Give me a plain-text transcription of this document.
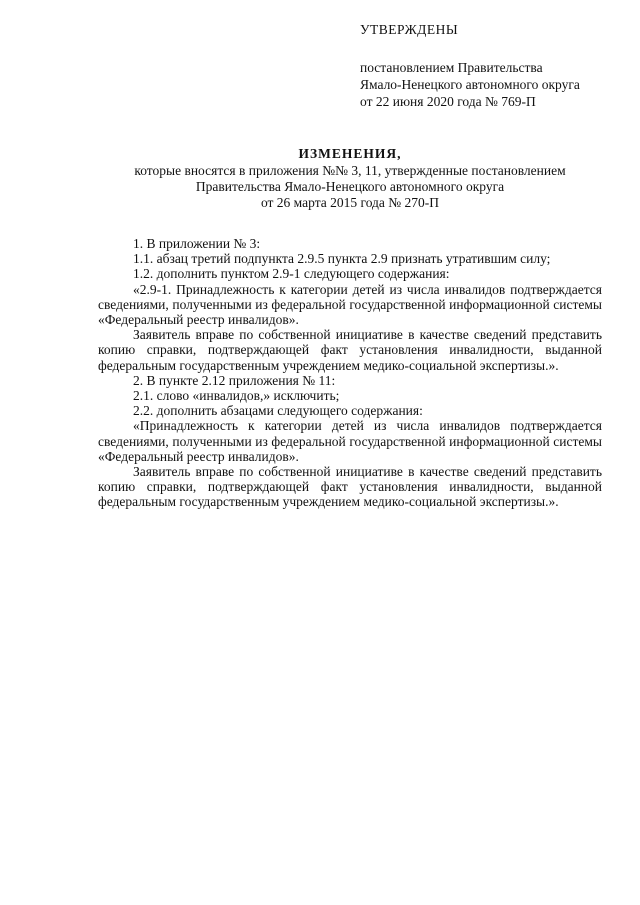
УТВЕРЖДЕНЫ
постановлением Правительства
Ямало-Ненецкого автономного округа
от 22 июня 2020 года № 769-П
ИЗМЕНЕНИЯ,
которые вносятся в приложения №№ 3, 11, утвержденные постановлением
Правительства Ямало-Ненецкого автономного округа
от 26 марта 2015 года № 270-П

1. В приложении № 3:

1.1. абзац третий подпункта 2.9.5 пункта 2.9 признать утратившим силу;

1.2. дополнить пунктом 2.9-1 следующего содержания:

«2.9-1. Принадлежность к категории детей из числа инвалидов подтверждается сведениями, полученными из федеральной государственной информационной системы «Федеральный реестр инвалидов».

Заявитель вправе по собственной инициативе в качестве сведений представить копию справки, подтверждающей факт установления инвалидности, выданной федеральным государственным учреждением медико-социальной экспертизы.».

2. В пункте 2.12 приложения № 11:

2.1. слово «инвалидов,» исключить;

2.2. дополнить абзацами следующего содержания:

«Принадлежность к категории детей из числа инвалидов подтверждается сведениями, полученными из федеральной государственной информационной системы «Федеральный реестр инвалидов».

Заявитель вправе по собственной инициативе в качестве сведений представить копию справки, подтверждающей факт установления инвалидности, выданной федеральным государственным учреждением медико-социальной экспертизы.».
